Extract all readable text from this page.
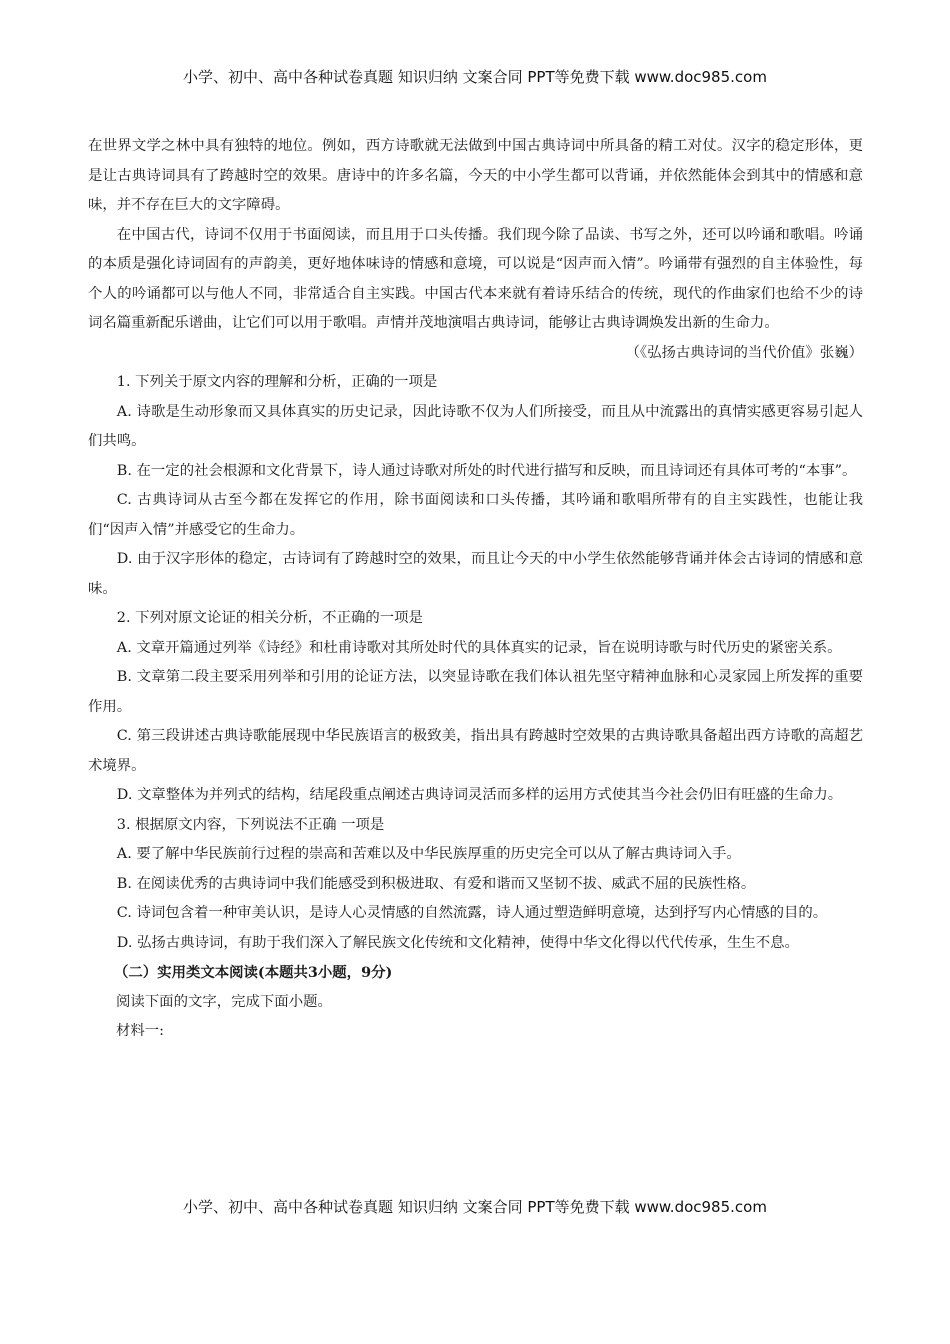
小学、初中、高中各种试卷真题 知识归纳 文案合同 PPT等免费下载 www.doc985.com

在世界文学之林中具有独特的地位。例如，西方诗歌就无法做到中国古典诗词中所具备的精工对仗。汉字的稳定形体，更是让古典诗词具有了跨越时空的效果。唐诗中的许多名篇，今天的中小学生都可以背诵，并依然能体会到其中的情感和意味，并不存在巨大的文字障碍。

在中国古代，诗词不仅用于书面阅读，而且用于口头传播。我们现今除了品读、书写之外，还可以吟诵和歌唱。吟诵的本质是强化诗词固有的声韵美，更好地体味诗的情感和意境，可以说是“因声而入情”。吟诵带有强烈的自主体验性，每个人的吟诵都可以与他人不同，非常适合自主实践。中国古代本来就有着诗乐结合的传统，现代的作曲家们也给不少的诗词名篇重新配乐谱曲，让它们可以用于歌唱。声情并茂地演唱古典诗词，能够让古典诗调焕发出新的生命力。

（《弘扬古典诗词的当代价值》张巍）

1. 下列关于原文内容的理解和分析，正确的一项是

A. 诗歌是生动形象而又具体真实的历史记录，因此诗歌不仅为人们所接受，而且从中流露出的真情实感更容易引起人们共鸣。

B. 在一定的社会根源和文化背景下，诗人通过诗歌对所处的时代进行描写和反映，而且诗词还有具体可考的“本事”。

C. 古典诗词从古至今都在发挥它的作用，除书面阅读和口头传播，其吟诵和歌唱所带有的自主实践性，也能让我们“因声入情”并感受它的生命力。

D. 由于汉字形体的稳定，古诗词有了跨越时空的效果，而且让今天的中小学生依然能够背诵并体会古诗词的情感和意味。

2. 下列对原文论证的相关分析，不正确的一项是

A. 文章开篇通过列举《诗经》和杜甫诗歌对其所处时代的具体真实的记录，旨在说明诗歌与时代历史的紧密关系。

B. 文章第二段主要采用列举和引用的论证方法，以突显诗歌在我们体认祖先坚守精神血脉和心灵家园上所发挥的重要作用。

C. 第三段讲述古典诗歌能展现中华民族语言的极致美，指出具有跨越时空效果的古典诗歌具备超出西方诗歌的高超艺术境界。

D. 文章整体为并列式的结构，结尾段重点阐述古典诗词灵活而多样的运用方式使其当今社会仍旧有旺盛的生命力。

3. 根据原文内容，下列说法不正确 一项是

A. 要了解中华民族前行过程的崇高和苦难以及中华民族厚重的历史完全可以从了解古典诗词入手。

B. 在阅读优秀的古典诗词中我们能感受到积极进取、有爱和谐而又坚韧不拔、威武不屈的民族性格。

C. 诗词包含着一种审美认识，是诗人心灵情感的自然流露，诗人通过塑造鲜明意境，达到抒写内心情感的目的。

D. 弘扬古典诗词，有助于我们深入了解民族文化传统和文化精神，使得中华文化得以代代传承，生生不息。

（二）实用类文本阅读(本题共3小题，9分)

阅读下面的文字，完成下面小题。

材料一:

小学、初中、高中各种试卷真题 知识归纳 文案合同 PPT等免费下载 www.doc985.com
